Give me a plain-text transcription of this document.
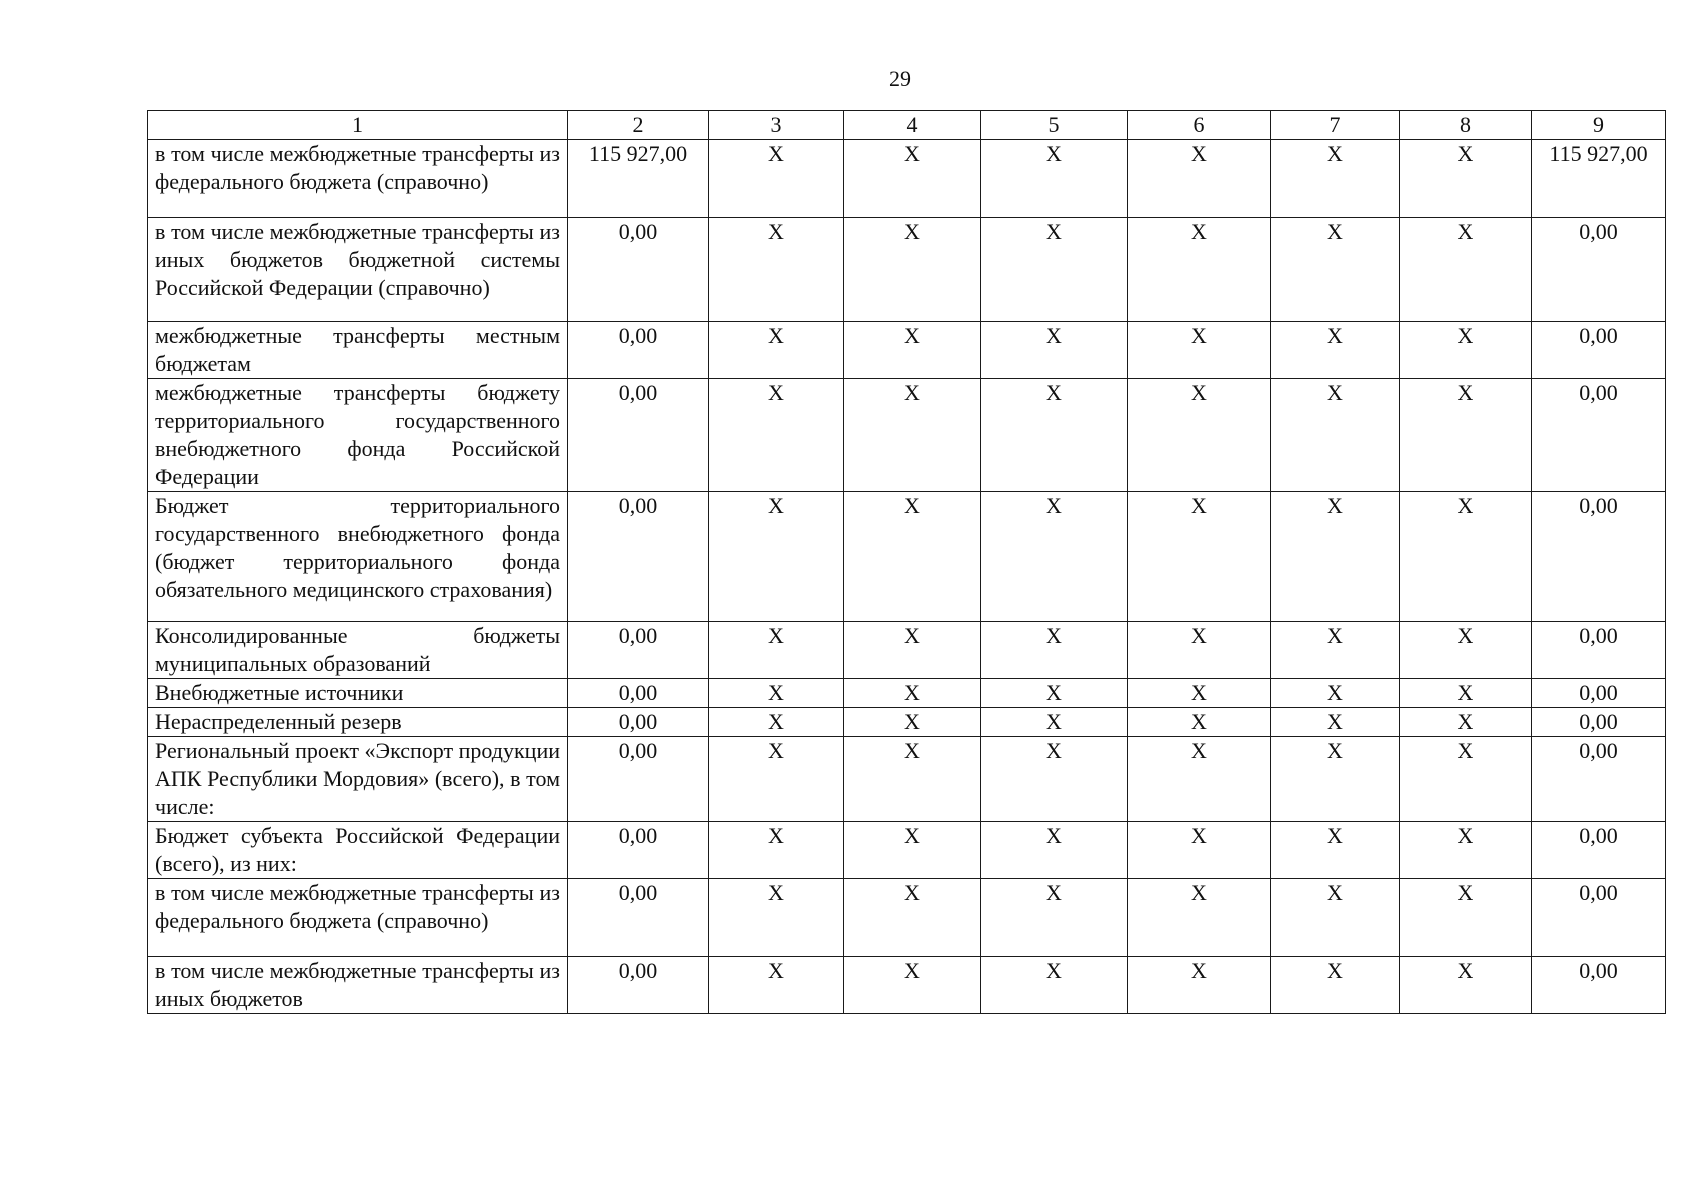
29
1	2	3	4	5	6	7	8	9
в том числе межбюджетные трансферты из федерального бюджета (справочно)	115 927,00	X	X	X	X	X	X	115 927,00
в том числе межбюджетные трансферты из иных бюджетов бюджетной системы Российской Федерации (справочно)	0,00	X	X	X	X	X	X	0,00
межбюджетные трансферты местным бюджетам	0,00	X	X	X	X	X	X	0,00
межбюджетные трансферты бюджету территориального государственного внебюджетного фонда Российской Федерации	0,00	X	X	X	X	X	X	0,00
Бюджет территориального государственного внебюджетного фонда (бюджет территориального фонда обязательного медицинского страхования)	0,00	X	X	X	X	X	X	0,00
Консолидированные бюджеты муниципальных образований	0,00	X	X	X	X	X	X	0,00
Внебюджетные источники	0,00	X	X	X	X	X	X	0,00
Нераспределенный резерв	0,00	X	X	X	X	X	X	0,00
Региональный проект «Экспорт продукции АПК Республики Мордовия» (всего), в том числе:	0,00	X	X	X	X	X	X	0,00
Бюджет субъекта Российской Федерации (всего), из них:	0,00	X	X	X	X	X	X	0,00
в том числе межбюджетные трансферты из федерального бюджета (справочно)	0,00	X	X	X	X	X	X	0,00
в том числе межбюджетные трансферты из иных бюджетов	0,00	X	X	X	X	X	X	0,00
